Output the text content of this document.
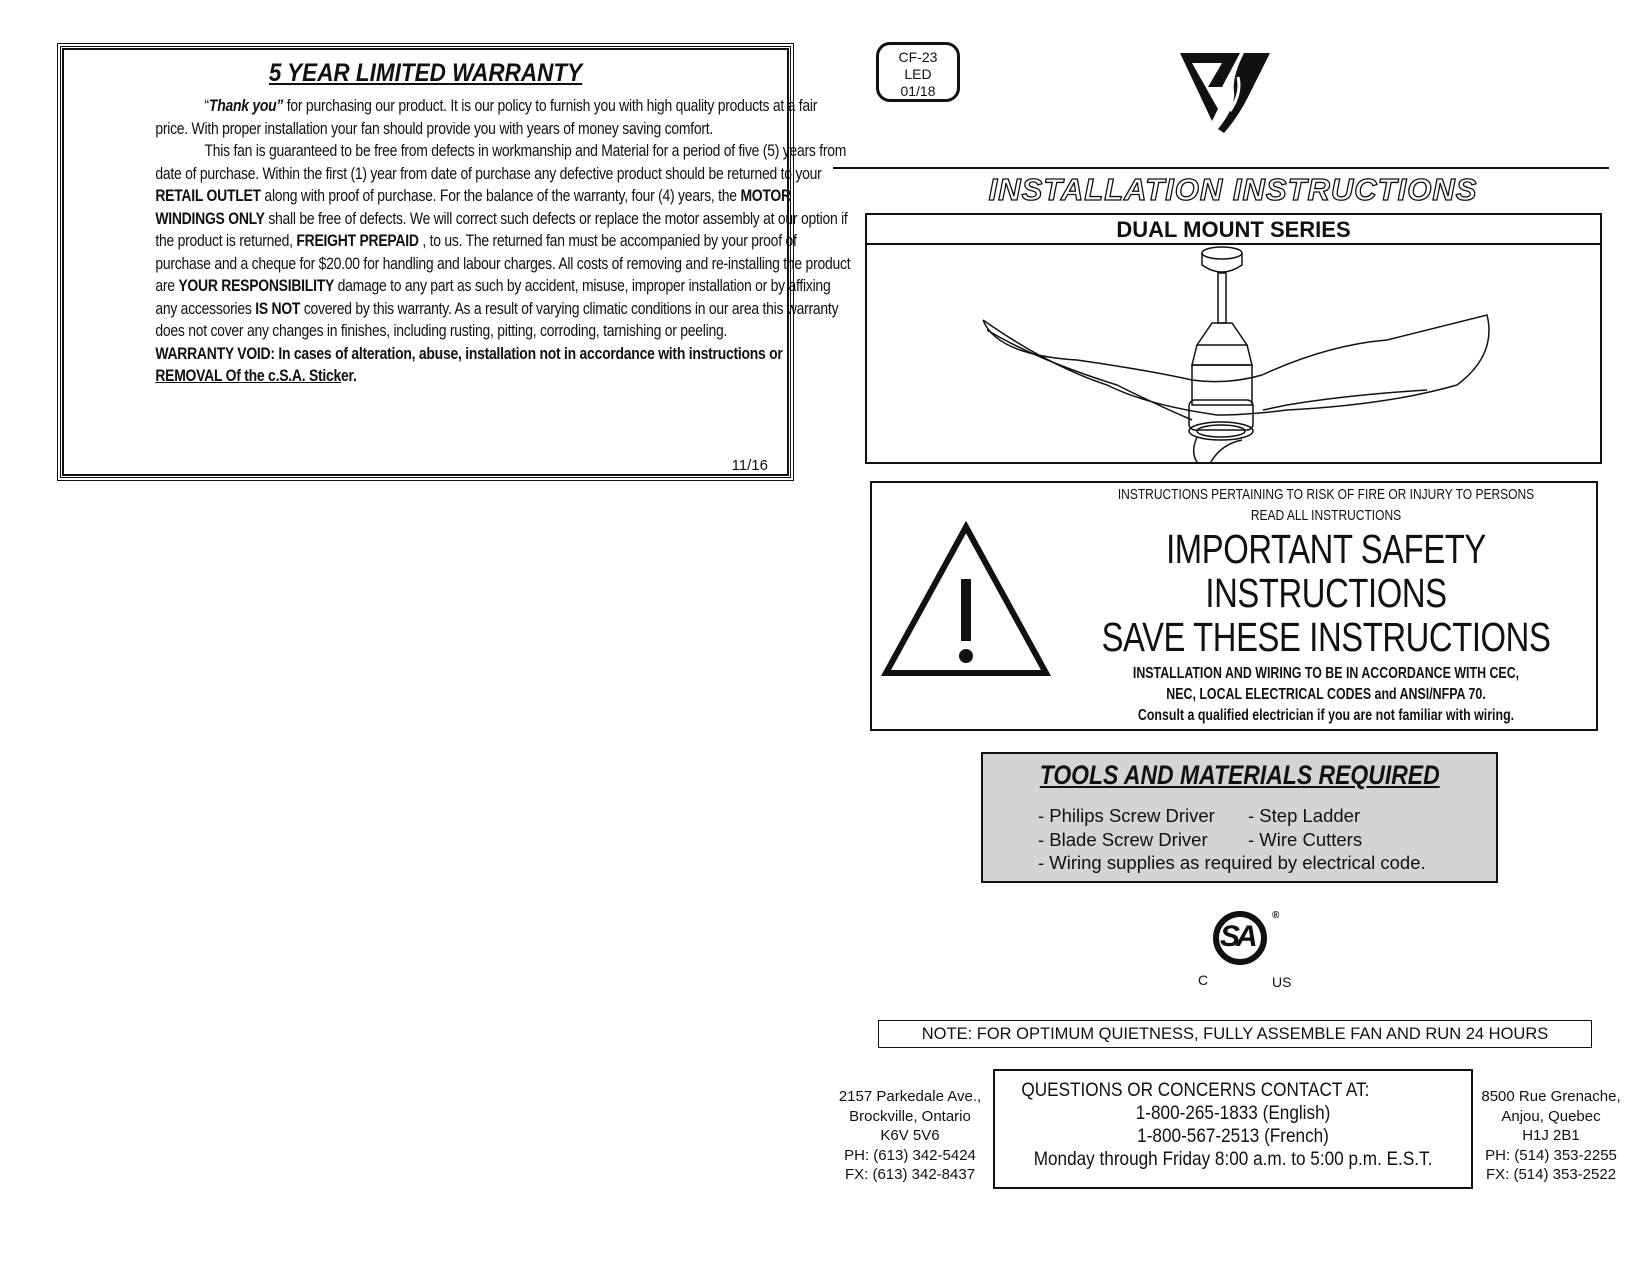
5 YEAR LIMITED WARRANTY

“Thank you” for purchasing our product. It is our policy to furnish you with high quality products at a fair price. With proper installation your fan should provide you with years of money saving comfort.

This fan is guaranteed to be free from defects in workmanship and Material for a period of five (5) years from date of purchase. Within the first (1) year from date of purchase any defective product should be returned to your RETAIL OUTLET along with proof of purchase. For the balance of the warranty, four (4) years, the MOTOR WINDINGS ONLY shall be free of defects. We will correct such defects or replace the motor assembly at our option if the product is returned, FREIGHT PREPAID , to us. The returned fan must be accompanied by your proof of purchase and a cheque for $20.00 for handling and labour charges. All costs of removing and re-installing the product are YOUR RESPONSIBILITY damage to any part as such by accident, misuse, improper installation or by affixing any accessories IS NOT covered by this warranty. As a result of varying climatic conditions in our area this warranty does not cover any changes in finishes, including rusting, pitting, corroding, tarnishing or peeling.

WARRANTY VOID: In cases of alteration, abuse, installation not in accordance with instructions or REMOVAL Of the c.S.A. Sticker.
11/16
CF-23
LED
01/18
INSTALLATION INSTRUCTIONS
DUAL MOUNT SERIES
INSTRUCTIONS PERTAINING TO RISK OF FIRE OR INJURY TO PERSONS
READ ALL INSTRUCTIONS
IMPORTANT SAFETY
INSTRUCTIONS
SAVE THESE INSTRUCTIONS
INSTALLATION AND WIRING TO BE IN ACCORDANCE WITH CEC,
NEC, LOCAL ELECTRICAL CODES and ANSI/NFPA 70.
Consult a qualified electrician if you are not familiar with wiring.
TOOLS AND MATERIALS REQUIRED
- Philips Screw Driver - Step Ladder
- Blade Screw Driver - Wire Cutters
- Wiring supplies as required by electrical code.
SA
®
C	US
NOTE: FOR OPTIMUM QUIETNESS, FULLY ASSEMBLE FAN AND RUN 24 HOURS
2157 Parkedale Ave.,
Brockville, Ontario
K6V 5V6
PH: (613) 342-5424
FX: (613) 342-8437
QUESTIONS OR CONCERNS CONTACT AT:
1-800-265-1833 (English)
1-800-567-2513 (French)
Monday through Friday 8:00 a.m. to 5:00 p.m. E.S.T.
8500 Rue Grenache,
Anjou, Quebec
H1J 2B1
PH: (514) 353-2255
FX: (514) 353-2522
